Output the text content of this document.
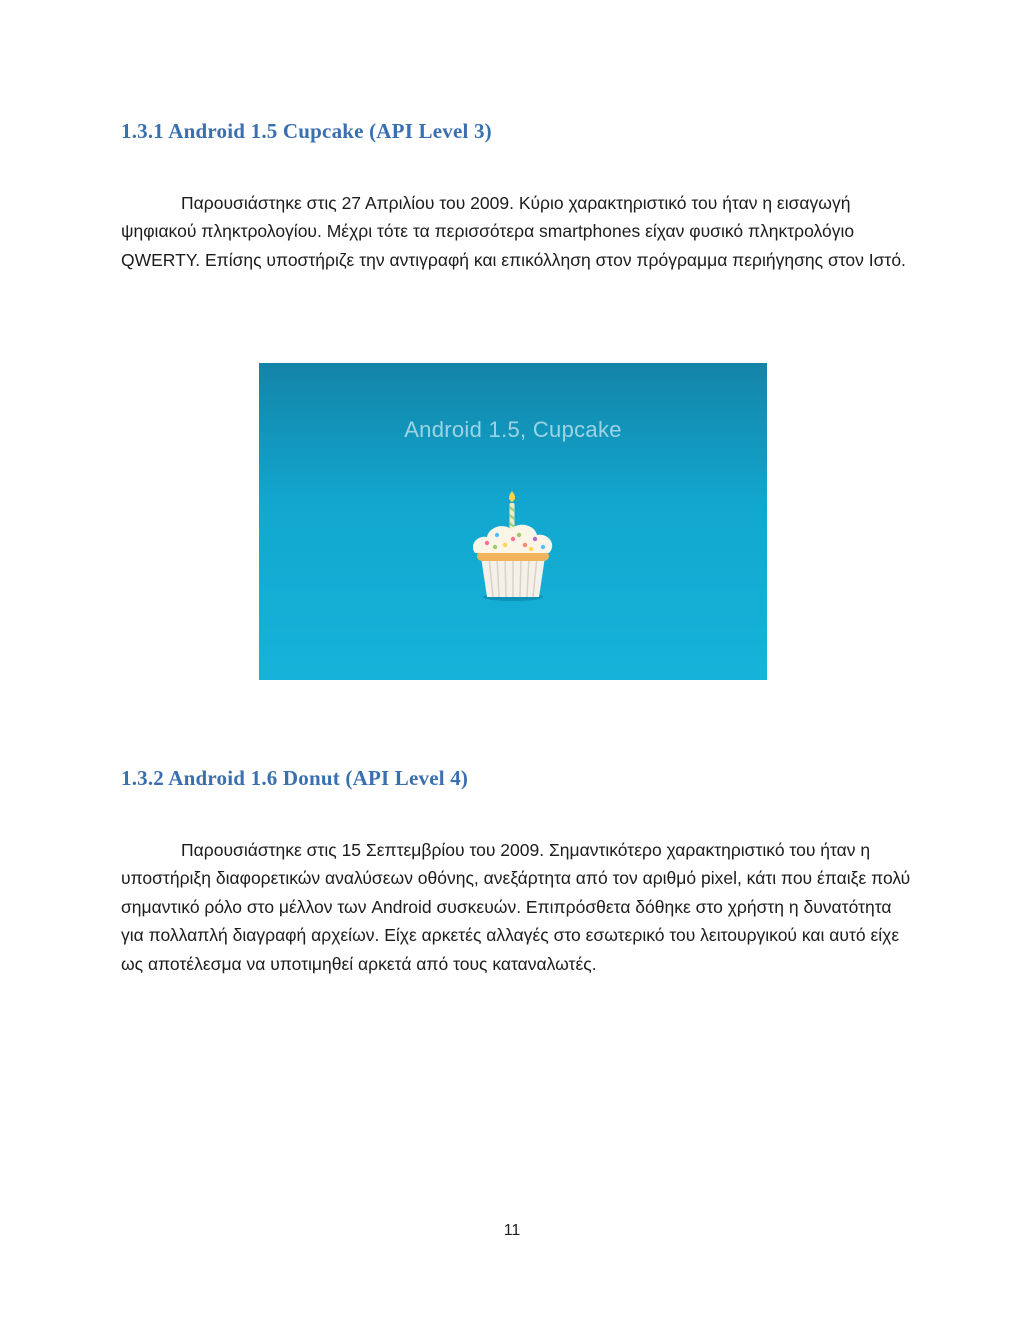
1.3.1 Android 1.5 Cupcake (API Level 3)

Παρουσιάστηκε στις 27 Απριλίου του 2009. Κύριο χαρακτηριστικό του ήταν η εισαγωγή ψηφιακού πληκτρολογίου. Μέχρι τότε τα περισσότερα smartphones είχαν φυσικό πληκτρολόγιο QWERTY. Επίσης υποστήριζε την αντιγραφή και επικόλληση στον πρόγραμμα περιήγησης στον Ιστό.

Android 1.5, Cupcake
1.3.2 Android 1.6 Donut (API Level 4)

Παρουσιάστηκε στις 15 Σεπτεμβρίου του 2009. Σημαντικότερο χαρακτηριστικό του ήταν η υποστήριξη διαφορετικών αναλύσεων οθόνης, ανεξάρτητα από τον αριθμό pixel, κάτι που έπαιξε πολύ σημαντικό ρόλο στο μέλλον των Android συσκευών. Επιπρόσθετα δόθηκε στο χρήστη η δυνατότητα για πολλαπλή διαγραφή αρχείων. Είχε αρκετές αλλαγές στο εσωτερικό του λειτουργικού και αυτό είχε ως αποτέλεσμα να υποτιμηθεί αρκετά από τους καταναλωτές.

11
